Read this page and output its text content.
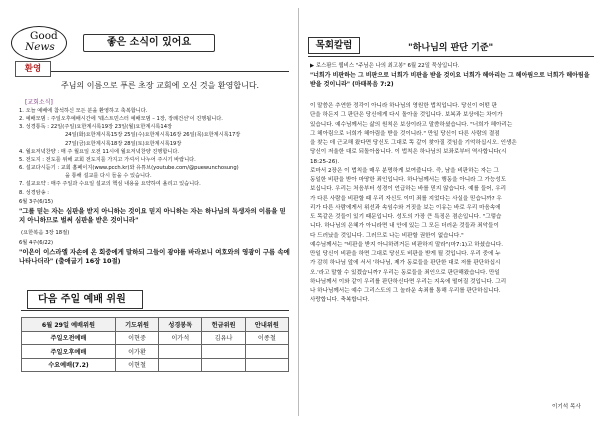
Good
News	좋은 소식이 있어요
환영
주님의 이름으로 푸른 초장 교회에 오신 것을 환영합니다.
[교회소식]
1. 오늘 예배에 참석하신 모든 분을 환영하고 축복합니다.
2. 예배모범 : 주일오후예배시간에 '웨스트민스터 예배모범 – 1장, 장례건선'이 진행됩니다.
3. 성경통독 : 22일(주일)요한계시록19장 23일(월)요한계시록14장
24일(화)요한계시록15장 25일(수)요한계시록16장 26일(목)요한계시록17장
27일(금)요한계시록18장 28일(토)요한계시록19장
4. 월요저녁찬양 : 매 주 월요일 오전 11시에 월요저녁찬양 진행합니다.
5. 전도지 : 전도를 위해 교회 전도지를 가지고 가셔서 나누어 주시기 바랍니다.
6. 설교다시듣기 : 교회 홈페이지(www.pcch.kr)와 유튜브(youtube.com/@puewunchosung)
을 통해 설교를 다시 들을 수 있습니다.
7. 설교요약 : 매주 주일과 수요일 설교의 핵심 내용을 요약하여 올리고 있습니다.
8. 성경암송 :
6월 3주(6/15)
"그를 믿는 자는 심판을 받지 아니하는 것이요 믿지 아니하는 자는 하나님의 독생자의 이름을 믿지 아니하므로 벌써 심판을 받은 것이니라"
(요한복음 3장 18절)
6월 4주(6/22)
"이은이 이스라엘 자손에 온 회중에게 말하되 그들이 광야를 바라보니 여호와의 영광이 구름 속에 나타나더라" (출애굽기 16장 10절)
다음 주일 예배 위원
6월 29일 예배위원	기도위원	성경봉독	헌금위원	안내위원
주일오전예배	이현중	이가석	김유나	이종철
주일오후예배	이가환			
수요예배(7.2)	이현철			
목회칼럼	"하나님의 판단 기준"
▶ 로스팜드 웹비스 "주님은 나의 최고봉" 6월 22일 묵상입니다.
"너희가 비판하는 그 비판으로 너희가 비판을 받을 것이요 너희가 헤아리는 그 헤아림으로 너희가 헤아림을 받을 것이니라" (마태복음 7:2)

이 말씀은 추연한 정각이 아니라 하나님의 영원한 법칙입니다. 당신이 어떤 판

단을 하든지 그 판단은 당신에게 다시 돌아올 것입니다. 보복과 보상에는 차이가

있습니다. 예수님께서는 삶의 원칙은 보상이라고 말씀하셨습니다. "너희가 헤아리는

그 헤아림으로 너희가 헤아림을 받을 것이니라." 만일 당신이 다른 사람의 결점

을 찾는 데 근교해 왔다면 당신도 그대로 똑 같이 찾아질 것임을 기억하십시오. 인생은

당신이 저울한 대로 되돌아옵니다. 이 법칙은 하나님의 보좌로부터 역사합니다(시

18:25-26).

로마서 2장은 이 법칙을 매우 분명하게 보여줍니다. 즉, 남을 비판하는 자는 그

동일한 비판을 받아 마땅한 죄인입니다. 하나님께서는 행동을 아니라 그 가능성도

보십니다. 우리는 처음부터 성경이 언급하는 바를 믿지 않습니다. 예를 들어, 우리

가 다른 사람을 비판할 때 우리 자신도 이미 죄를 지었다는 사실을 믿습니까? 우

리가 다른 사람에게서 위선과 속임수와 거짓을 보는 이유는 바로 우리 마음속에

도 똑같은 것들이 있기 때문입니다. 성도의 가장 큰 특징은 겸손입니다. "그렇습

니다. 하나님의 은혜가 아니라면 내 안에 있는 그 모든 더러운 것들과 죄악들이

다 드러났을 것입니다. 그러므로 나는 비판할 권한이 없습니다."

예수님께서는 "비판을 받지 아니하려거든 비판하지 말라"(마7:1)고 하셨습니다.

만일 당신이 비판을 하면 그대로 당신도 비판을 받게 될 것입니다. 우리 중에 누

가 감히 하나님 앞에 서서 '하나님, 제가 동료들을 판단한 대로 저를 판단하십시

오.'라고 말할 수 있겠습니까? 우리는 동료들을 죄인으로 판단해왔습니다. 만일

하나님께서 이와 같이 우리를 판단하신다면 우리는 지옥에 떨어질 것입니다. 그리

나 하나님께서는 예수 그리스도의 그 놀라운 속죄를 통해 우리를 판단하십니다.

사랑합니다. 축복합니다.

이기석 목사
